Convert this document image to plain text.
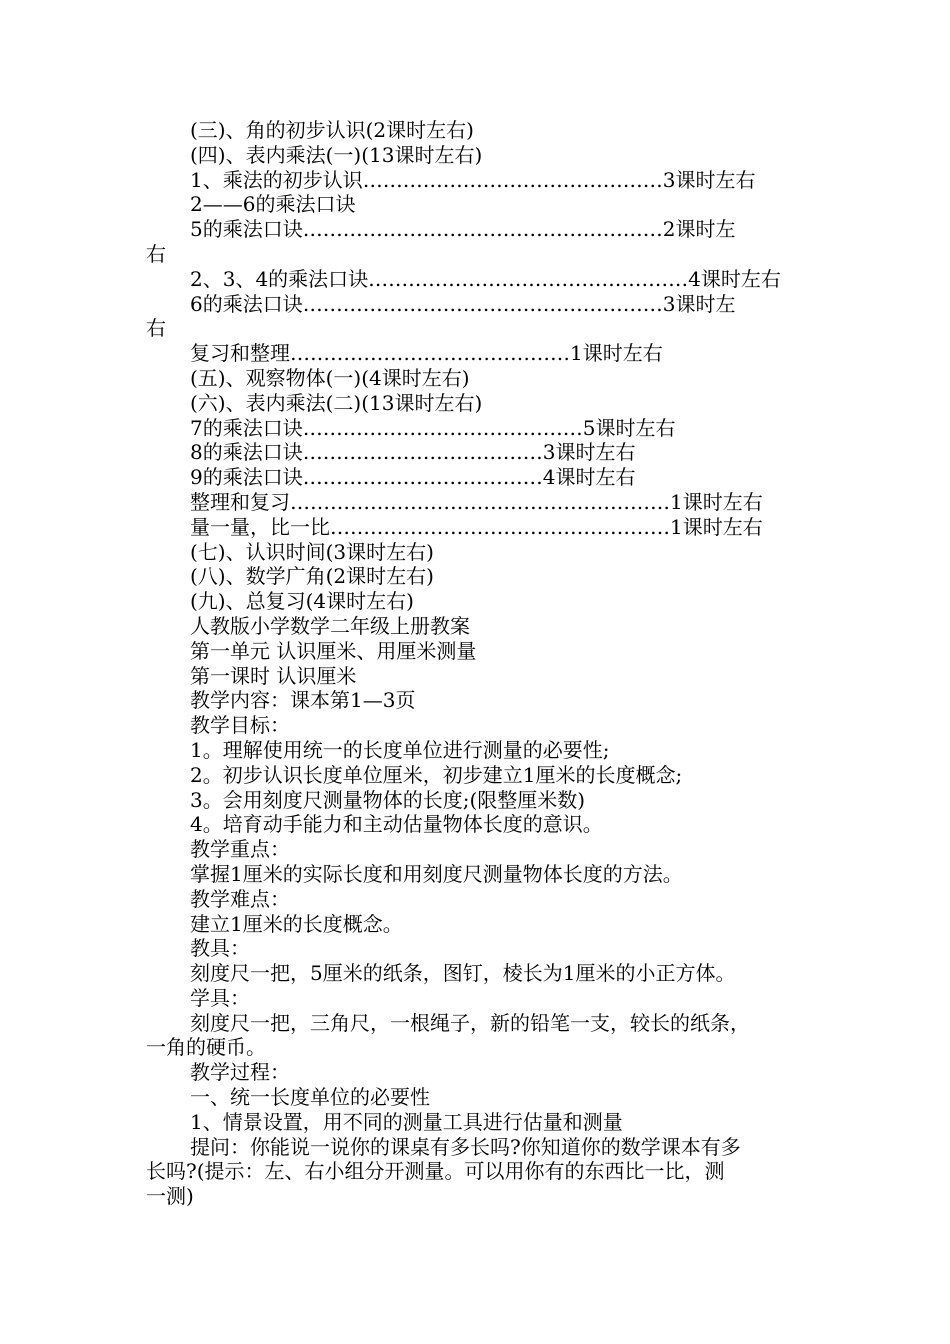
(三)、角的初步认识(2课时左右)

(四)、表内乘法(一)(13课时左右)

1、乘法的初步认识………………………………………3课时左右

2——6的乘法口诀

5的乘法口诀………………………………………………2课时左

右

2、3、4的乘法口诀…………………………………………4课时左右

6的乘法口诀………………………………………………3课时左

右

复习和整理……………………………………1课时左右

(五)、观察物体(一)(4课时左右)

(六)、表内乘法(二)(13课时左右)

7的乘法口诀……………………………………5课时左右

8的乘法口诀………………………………3课时左右

9的乘法口诀………………………………4课时左右

整理和复习…………………………………………………1课时左右

量一量，比一比……………………………………………1课时左右

(七)、认识时间(3课时左右)

(八)、数学广角(2课时左右)

(九)、总复习(4课时左右)

人教版小学数学二年级上册教案

第一单元 认识厘米、用厘米测量

第一课时 认识厘米

教学内容：课本第1—3页

教学目标：

1。理解使用统一的长度单位进行测量的必要性;

2。初步认识长度单位厘米，初步建立1厘米的长度概念;

3。会用刻度尺测量物体的长度;(限整厘米数)

4。培育动手能力和主动估量物体长度的意识。

教学重点：

掌握1厘米的实际长度和用刻度尺测量物体长度的方法。

教学难点：

建立1厘米的长度概念。

教具：

刻度尺一把，5厘米的纸条，图钉，棱长为1厘米的小正方体。

学具：

刻度尺一把，三角尺，一根绳子，新的铅笔一支，较长的纸条，

一角的硬币。

教学过程：

一、统一长度单位的必要性

1、情景设置，用不同的测量工具进行估量和测量

提问：你能说一说你的课桌有多长吗?你知道你的数学课本有多

长吗?(提示：左、右小组分开测量。可以用你有的东西比一比，测

一测)
